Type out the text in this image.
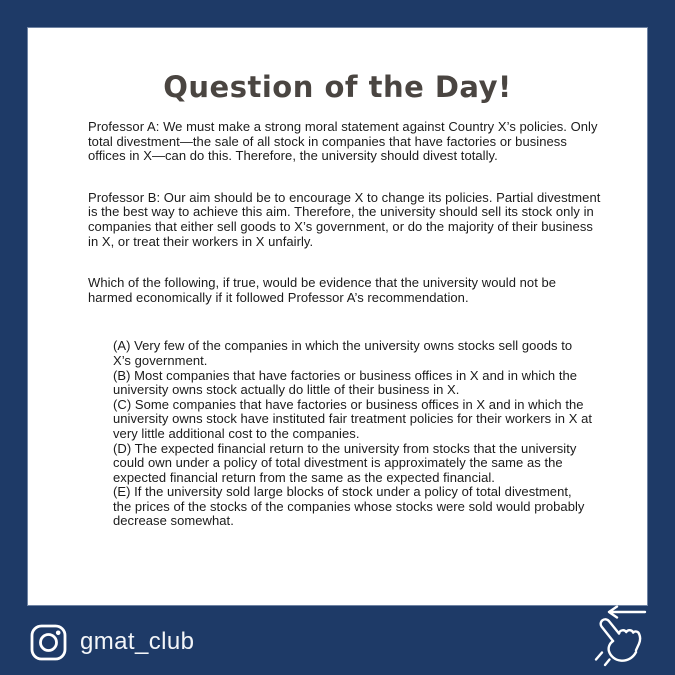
Question of the Day!

Professor A: We must make a strong moral statement against Country X’s policies. Only total divestment—the sale of all stock in companies that have factories or business offices in X—can do this. Therefore, the university should divest totally.

Professor B: Our aim should be to encourage X to change its policies. Partial divestment is the best way to achieve this aim. Therefore, the university should sell its stock only in companies that either sell goods to X’s government, or do the majority of their business in X, or treat their workers in X unfairly.

Which of the following, if true, would be evidence that the university would not be harmed economically if it followed Professor A’s recommendation.

(A) Very few of the companies in which the university owns stocks sell goods to X’s government.

(B) Most companies that have factories or business offices in X and in which the university owns stock actually do little of their business in X.

(C) Some companies that have factories or business offices in X and in which the university owns stock have instituted fair treatment policies for their workers in X at very little additional cost to the companies.

(D) The expected financial return to the university from stocks that the university could own under a policy of total divestment is approximately the same as the expected financial return from the same as the expected financial.

(E) If the university sold large blocks of stock under a policy of total divestment, the prices of the stocks of the companies whose stocks were sold would probably decrease somewhat.

gmat_club
